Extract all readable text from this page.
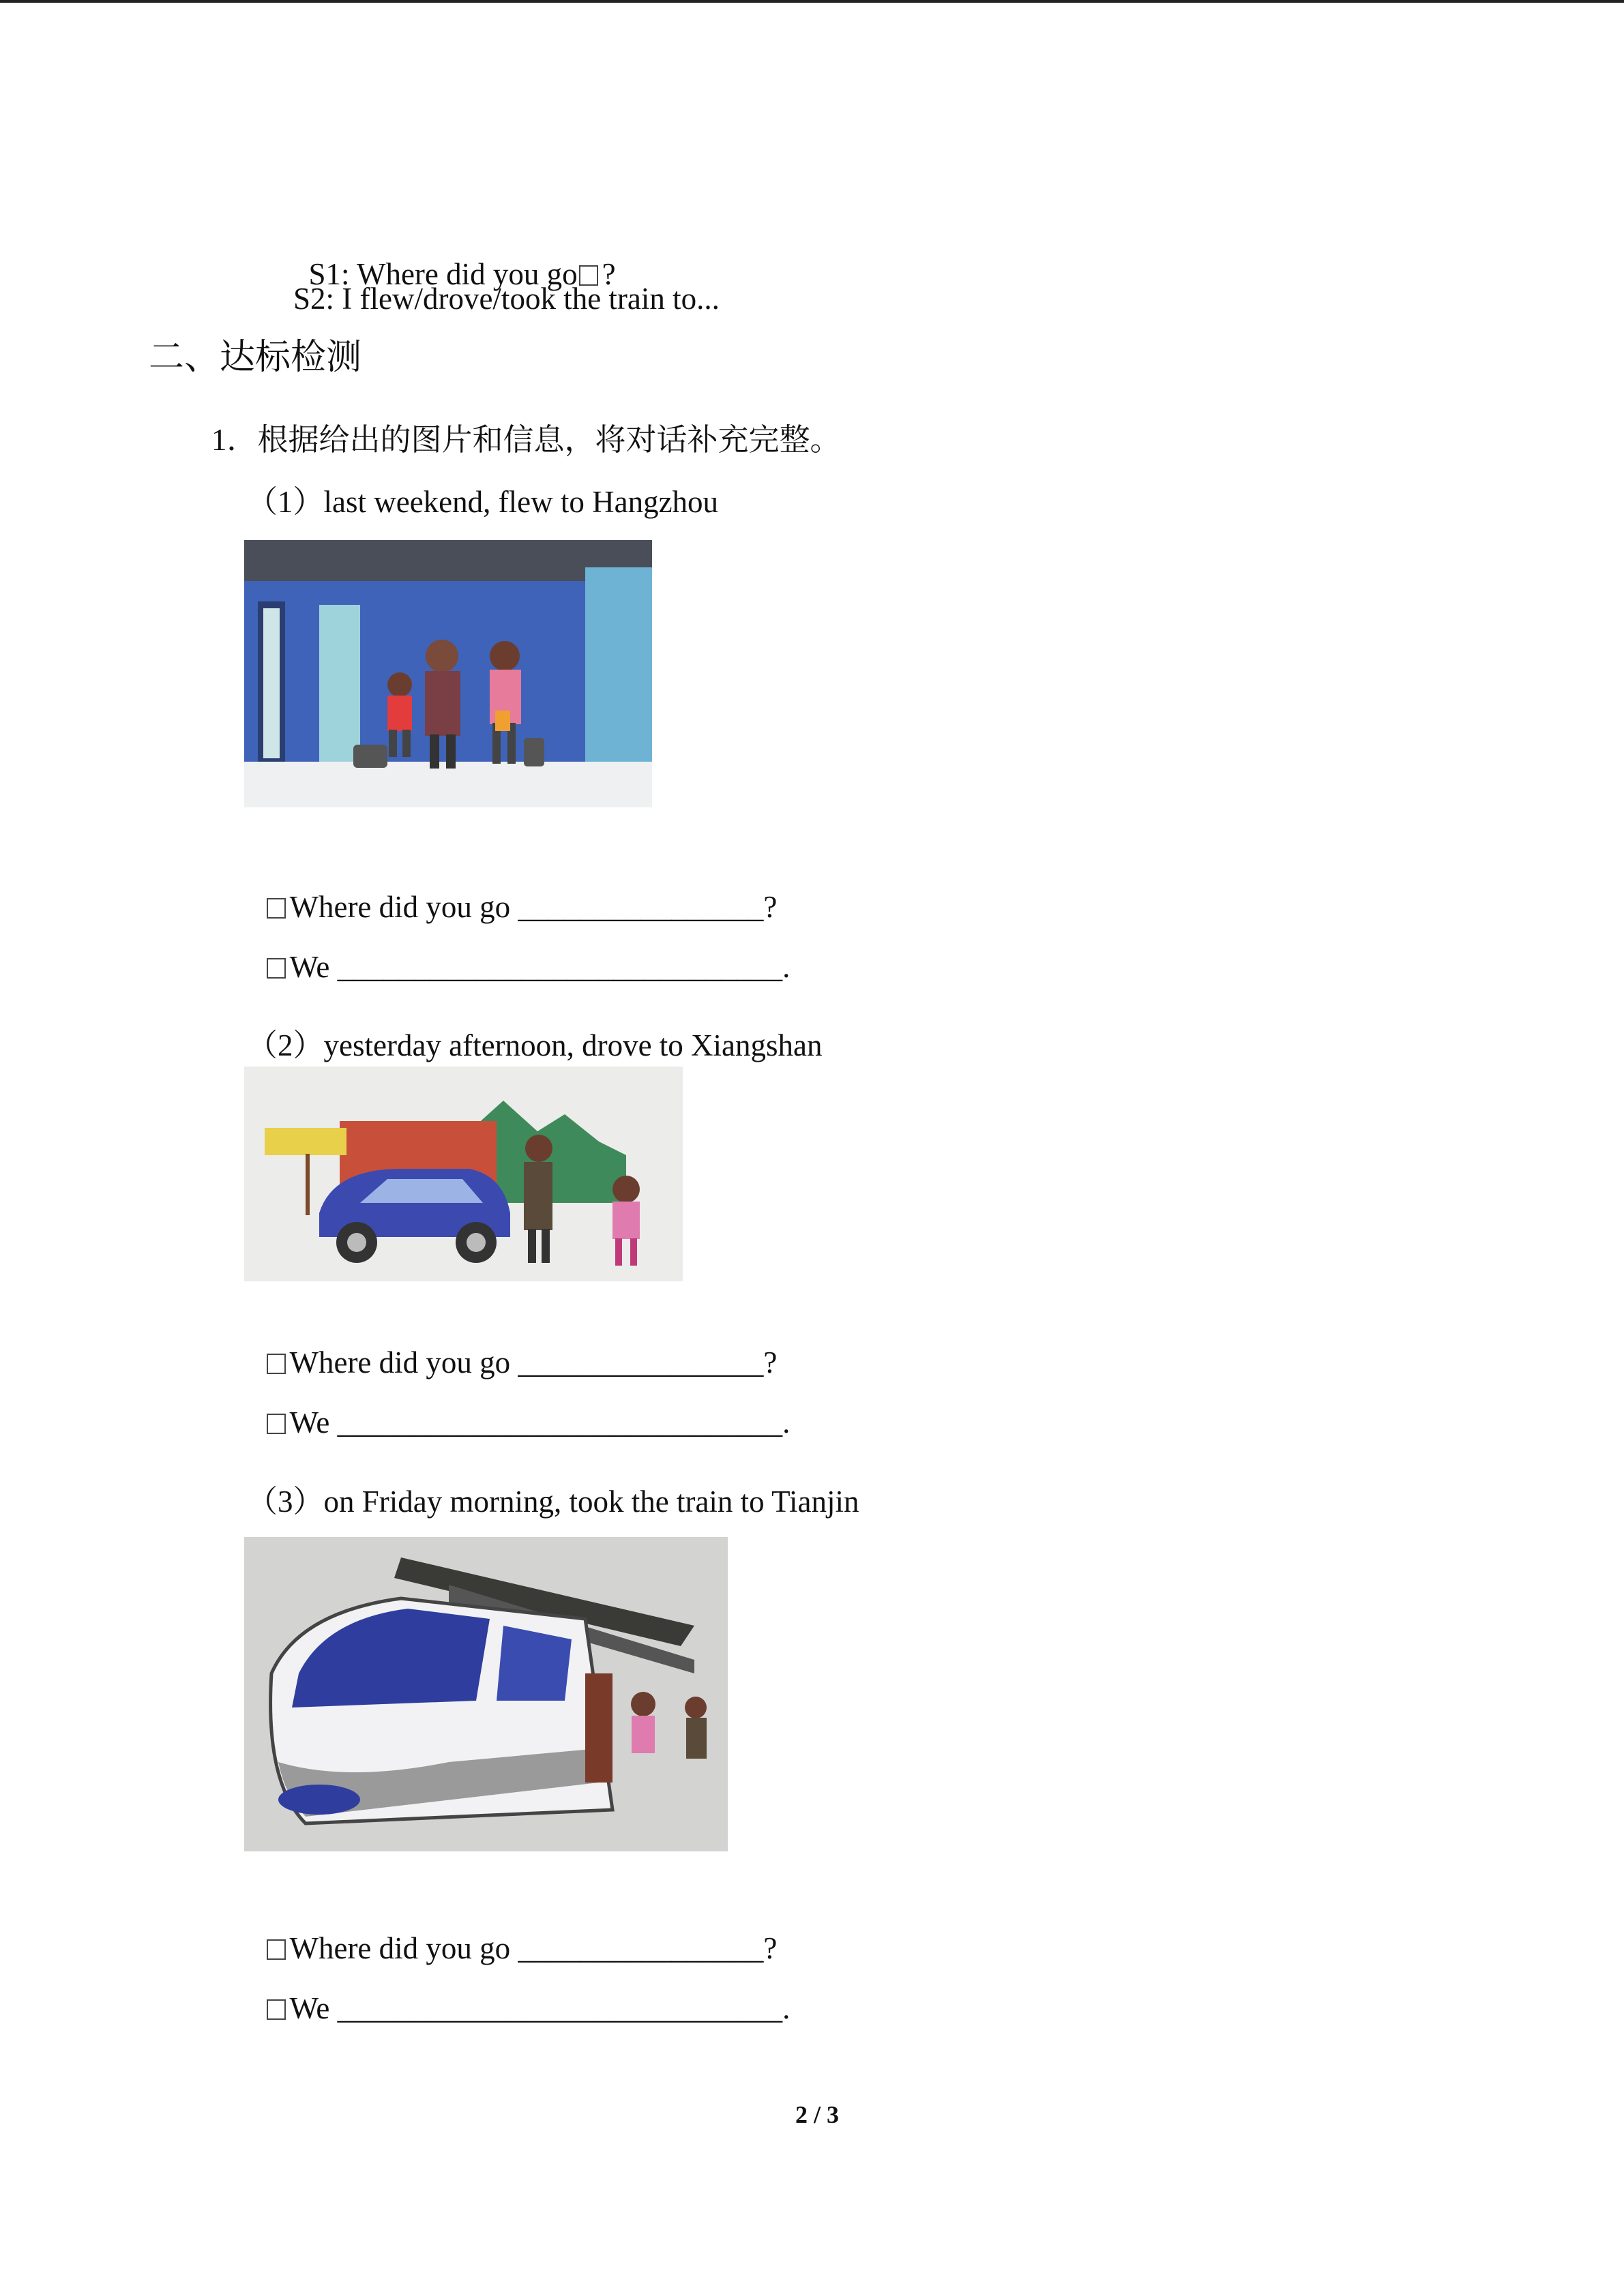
S1: Where did you go ?

S2: I flew/drove/took the train to...
二、达标检测
1．根据给出的图片和信息，将对话补充完整。
（1）last weekend, flew to Hangzhou

Where did you go ________________?

We _____________________________.

（2）yesterday afternoon, drove to Xiangshan

Where did you go ________________?

We _____________________________.

（3）on Friday morning, took the train to Tianjin

Where did you go ________________?

We _____________________________.

2 / 3
